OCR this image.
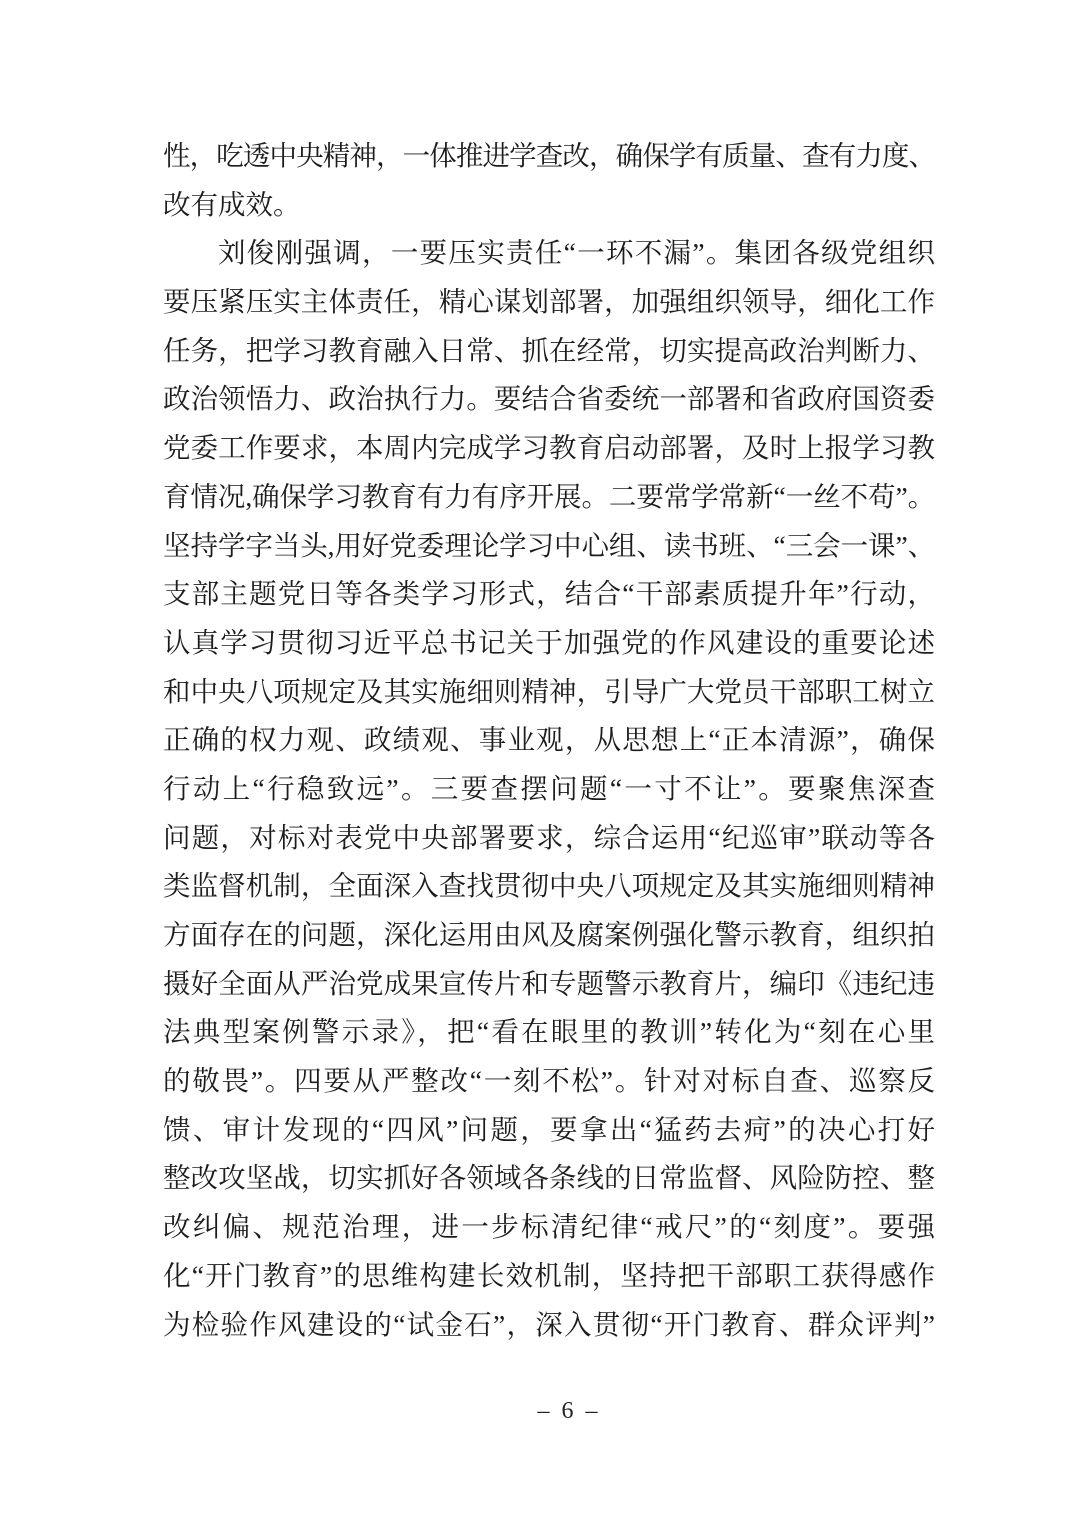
性，吃透中央精神，一体推进学查改，确保学有质量、查有力度、
改有成效。
刘俊刚强调，一要压实责任“一环不漏”。集团各级党组织
要压紧压实主体责任，精心谋划部署，加强组织领导，细化工作
任务，把学习教育融入日常、抓在经常，切实提高政治判断力、
政治领悟力、政治执行力。要结合省委统一部署和省政府国资委
党委工作要求，本周内完成学习教育启动部署，及时上报学习教
育情况,确保学习教育有力有序开展。二要常学常新“一丝不苟”。
坚持学字当头,用好党委理论学习中心组、读书班、“三会一课”、
支部主题党日等各类学习形式，结合“干部素质提升年”行动，
认真学习贯彻习近平总书记关于加强党的作风建设的重要论述
和中央八项规定及其实施细则精神，引导广大党员干部职工树立
正确的权力观、政绩观、事业观，从思想上“正本清源”，确保
行动上“行稳致远”。三要查摆问题“一寸不让”。要聚焦深查
问题，对标对表党中央部署要求，综合运用“纪巡审”联动等各
类监督机制，全面深入查找贯彻中央八项规定及其实施细则精神
方面存在的问题，深化运用由风及腐案例强化警示教育，组织拍
摄好全面从严治党成果宣传片和专题警示教育片，编印《违纪违
法典型案例警示录》，把“看在眼里的教训”转化为“刻在心里
的敬畏”。四要从严整改“一刻不松”。针对对标自查、巡察反
馈、审计发现的“四风”问题，要拿出“猛药去疴”的决心打好
整改攻坚战，切实抓好各领域各条线的日常监督、风险防控、整
改纠偏、规范治理，进一步标清纪律“戒尺”的“刻度”。要强
化“开门教育”的思维构建长效机制，坚持把干部职工获得感作
为检验作风建设的“试金石”，深入贯彻“开门教育、群众评判”
– 6 –
